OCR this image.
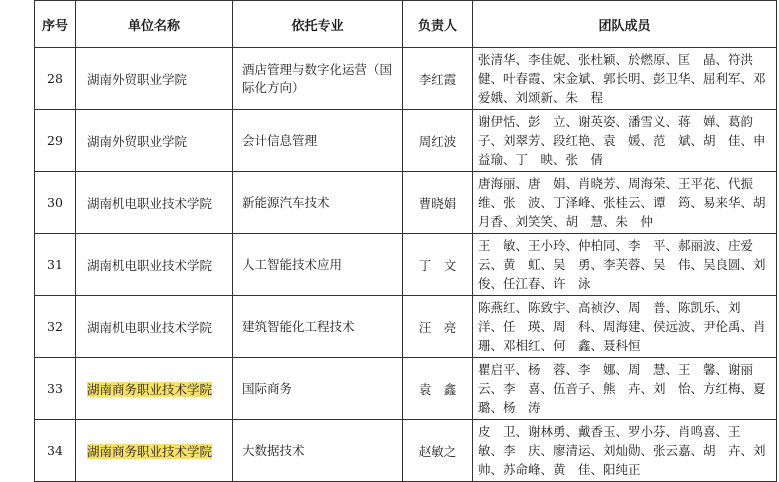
序号	单位名称	依托专业	负责人	团队成员
28	湖南外贸职业学院	酒店管理与数字化运营（国际化方向）	李红霞	张清华、李佳妮、张杜颖、於燃原、匡　晶、符洪健、叶春霞、宋金斌、郭长明、彭卫华、屈利军、邓爱娥、刘颂新、朱　程
29	湖南外贸职业学院	会计信息管理	周红波	谢伊恬、彭　立、谢英姿、潘雪义、蒋　婵、葛韵子、刘翠芳、段红艳、袁　媛、范　斌、胡　佳、申益瑜、丁　映、张　倩
30	湖南机电职业技术学院	新能源汽车技术	曹晓娟	唐海丽、唐　娟、肖晓芳、周海荣、王平花、代振维、张　波、丁泽峰、张桂云、谭　筠、易来华、胡月香、刘笑笑、胡　慧、朱　仲
31	湖南机电职业技术学院	人工智能技术应用	丁　文	王　敏、王小玲、仲柏同、李　平、郝丽波、庄爱云、黄　虹、吴　勇、李芙蓉、吴　伟、吴良圆、刘　俊、任江春、许　泳
32	湖南机电职业技术学院	建筑智能化工程技术	汪　亮	陈燕红、陈致宇、高祯汐、周　普、陈凯乐、刘　洋、任　瑛、周　科、周海建、侯远波、尹伦禹、肖　珊、邓相红、何　鑫、聂科恒
33	湖南商务职业技术学院	国际商务	袁　鑫	瞿启平、杨　蓉、李　娜、周　慧、王　馨、谢丽云、李　喜、伍音子、熊　卉、刘　怡、方红梅、夏　璐、杨　涛
34	湖南商务职业技术学院	大数据技术	赵敏之	皮　卫、谢林勇、戴香玉、罗小芬、肖鸣喜、王　敏、李　庆、廖清运、刘灿勋、张云嘉、胡　卉、刘　帅、苏命峰、黄　佳、阳纯正
